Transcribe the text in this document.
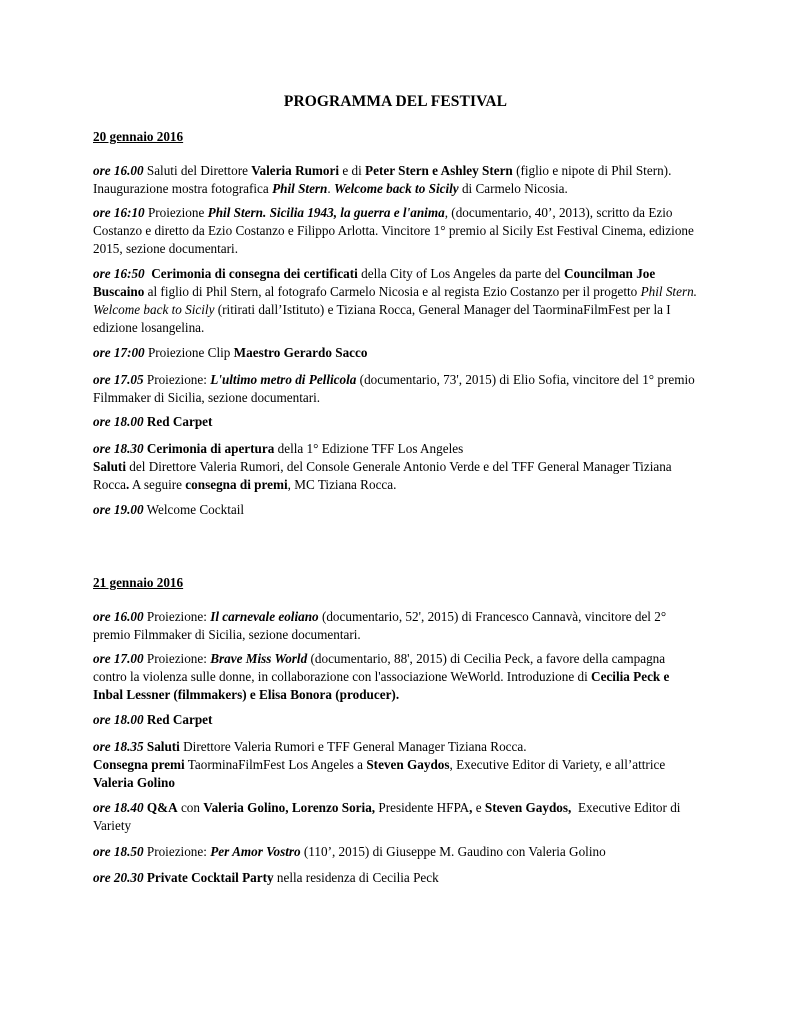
PROGRAMMA DEL FESTIVAL
20 gennaio 2016

ore 16.00 Saluti del Direttore Valeria Rumori e di Peter Stern e Ashley Stern (figlio e nipote di Phil Stern).
Inaugurazione mostra fotografica Phil Stern. Welcome back to Sicily di Carmelo Nicosia.

ore 16:10 Proiezione Phil Stern. Sicilia 1943, la guerra e l'anima, (documentario, 40’, 2013), scritto da Ezio Costanzo e diretto da Ezio Costanzo e Filippo Arlotta. Vincitore 1° premio al Sicily Est Festival Cinema, edizione 2015, sezione documentari.

ore 16:50 Cerimonia di consegna dei certificati della City of Los Angeles da parte del Councilman Joe Buscaino al figlio di Phil Stern, al fotografo Carmelo Nicosia e al regista Ezio Costanzo per il progetto Phil Stern. Welcome back to Sicily (ritirati dall’Istituto) e Tiziana Rocca, General Manager del TaorminaFilmFest per la I edizione losangelina.

ore 17:00 Proiezione Clip Maestro Gerardo Sacco

ore 17.05 Proiezione: L'ultimo metro di Pellicola (documentario, 73', 2015) di Elio Sofia, vincitore del 1° premio Filmmaker di Sicilia, sezione documentari.

ore 18.00 Red Carpet

ore 18.30 Cerimonia di apertura della 1° Edizione TFF Los Angeles
Saluti del Direttore Valeria Rumori, del Console Generale Antonio Verde e del TFF General Manager Tiziana Rocca. A seguire consegna di premi, MC Tiziana Rocca.

ore 19.00 Welcome Cocktail

21 gennaio 2016

ore 16.00 Proiezione: Il carnevale eoliano (documentario, 52', 2015) di Francesco Cannavà, vincitore del 2° premio Filmmaker di Sicilia, sezione documentari.

ore 17.00 Proiezione: Brave Miss World (documentario, 88', 2015) di Cecilia Peck, a favore della campagna contro la violenza sulle donne, in collaborazione con l'associazione WeWorld. Introduzione di Cecilia Peck e Inbal Lessner (filmmakers) e Elisa Bonora (producer).

ore 18.00 Red Carpet

ore 18.35 Saluti Direttore Valeria Rumori e TFF General Manager Tiziana Rocca.
Consegna premi TaorminaFilmFest Los Angeles a Steven Gaydos, Executive Editor di Variety, e all’attrice Valeria Golino

ore 18.40 Q&A con Valeria Golino, Lorenzo Soria, Presidente HFPA, e Steven Gaydos,  Executive Editor di Variety

ore 18.50 Proiezione: Per Amor Vostro (110’, 2015) di Giuseppe M. Gaudino con Valeria Golino

ore 20.30 Private Cocktail Party nella residenza di Cecilia Peck
